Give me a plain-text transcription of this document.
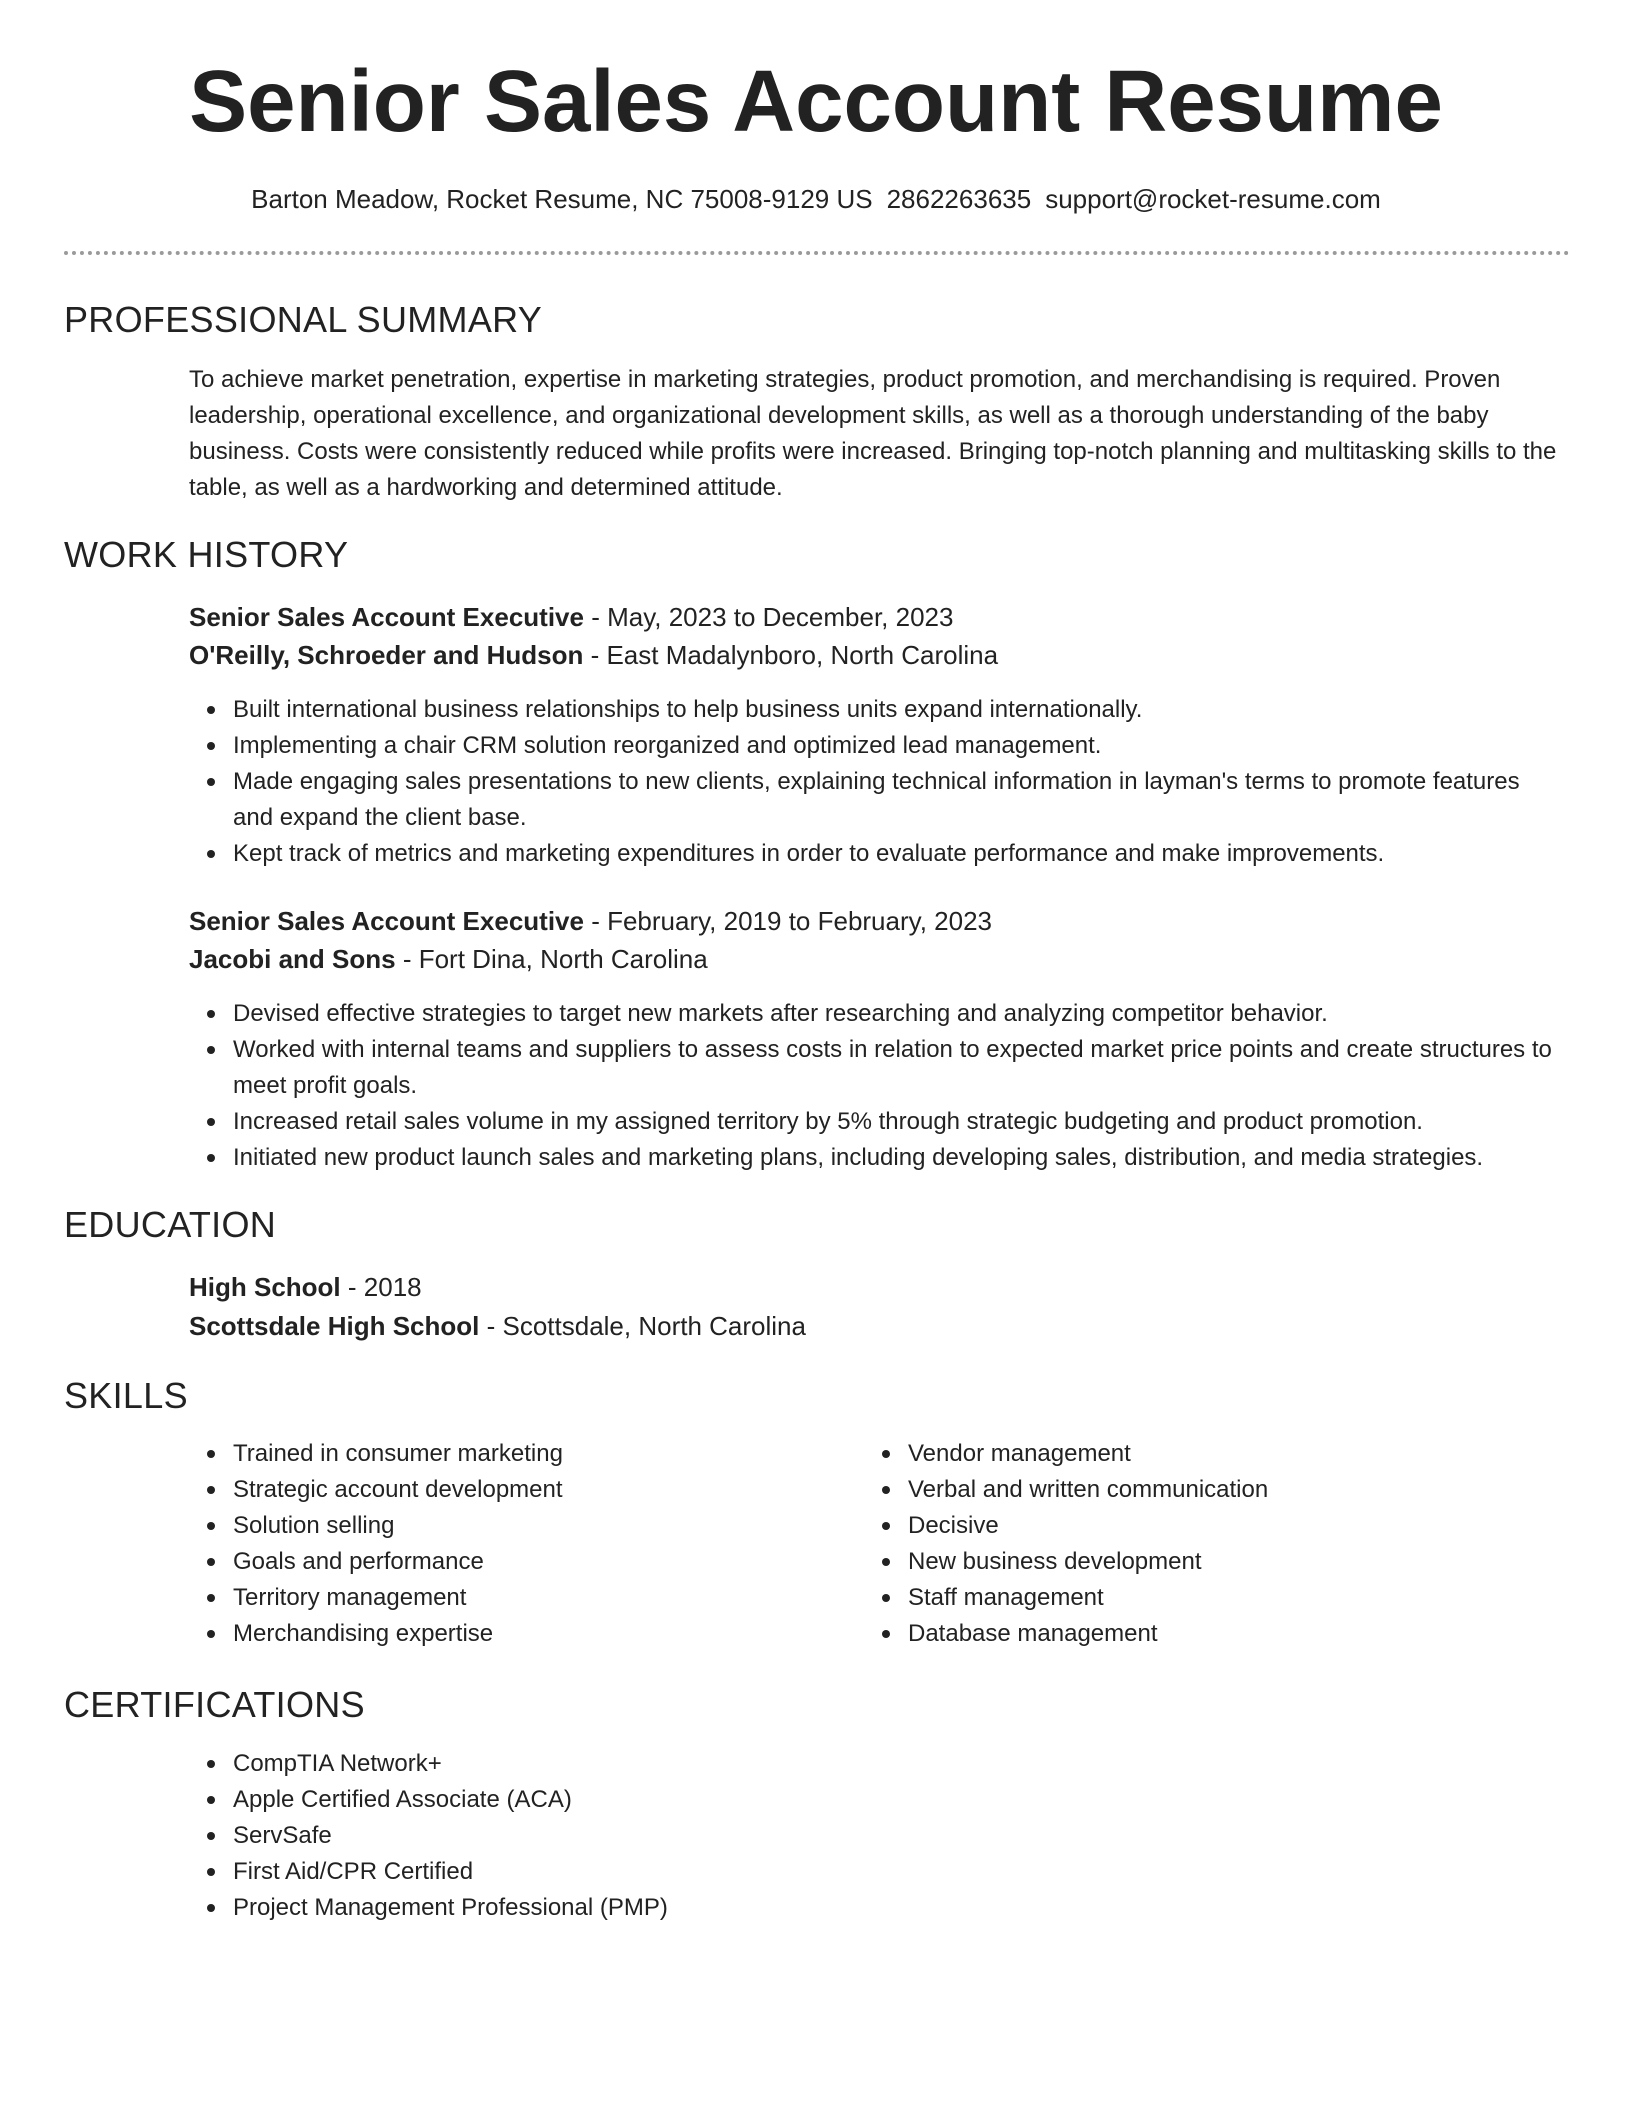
Senior Sales Account Resume
Barton Meadow, Rocket Resume, NC 75008-9129 US 2862263635 support@rocket-resume.com
PROFESSIONAL SUMMARY
To achieve market penetration, expertise in marketing strategies, product promotion, and merchandising is required. Proven leadership, operational excellence, and organizational development skills, as well as a thorough understanding of the baby business. Costs were consistently reduced while profits were increased. Bringing top-notch planning and multitasking skills to the table, as well as a hardworking and determined attitude.
WORK HISTORY
Senior Sales Account Executive - May, 2023 to December, 2023
O'Reilly, Schroeder and Hudson - East Madalynboro, North Carolina
Built international business relationships to help business units expand internationally.
Implementing a chair CRM solution reorganized and optimized lead management.
Made engaging sales presentations to new clients, explaining technical information in layman's terms to promote features and expand the client base.
Kept track of metrics and marketing expenditures in order to evaluate performance and make improvements.
Senior Sales Account Executive - February, 2019 to February, 2023
Jacobi and Sons - Fort Dina, North Carolina
Devised effective strategies to target new markets after researching and analyzing competitor behavior.
Worked with internal teams and suppliers to assess costs in relation to expected market price points and create structures to meet profit goals.
Increased retail sales volume in my assigned territory by 5% through strategic budgeting and product promotion.
Initiated new product launch sales and marketing plans, including developing sales, distribution, and media strategies.
EDUCATION
High School - 2018
Scottsdale High School - Scottsdale, North Carolina
SKILLS
Trained in consumer marketing
Strategic account development
Solution selling
Goals and performance
Territory management
Merchandising expertise
Vendor management
Verbal and written communication
Decisive
New business development
Staff management
Database management
CERTIFICATIONS
CompTIA Network+
Apple Certified Associate (ACA)
ServSafe
First Aid/CPR Certified
Project Management Professional (PMP)
